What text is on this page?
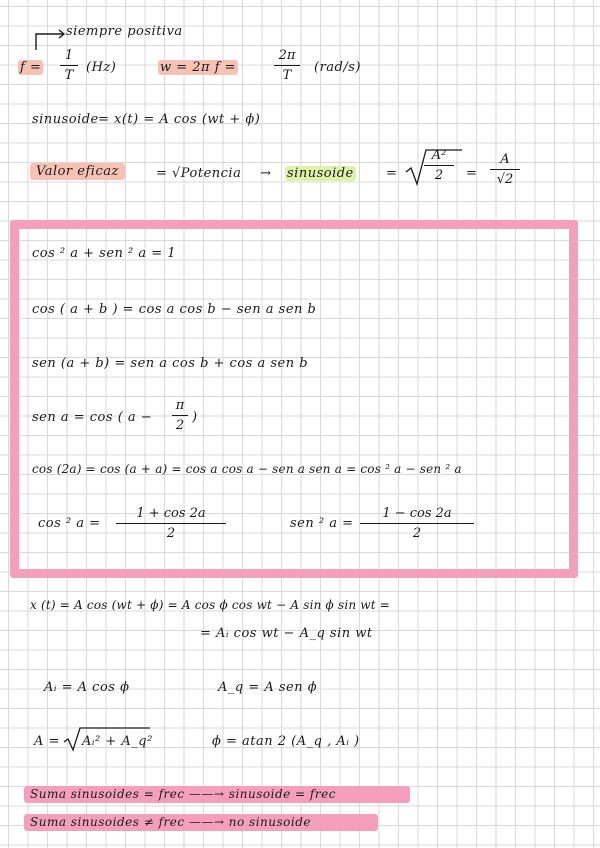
siempre positiva
f =
1
T
(Hz)	w = 2π f =
2π
T
(rad/s)
sinusoide = x(t) = A cos (wt + ϕ)
Valor eficaz	= √Potencia → sinusoide =
A²
2	=
A
√2
cos ² a + sen ² a = 1
cos ( a + b ) = cos a cos b − sen a sen b
sen (a + b) = sen a cos b + cos a sen b
sen a = cos ( a −
π
2
)
cos (2a) = cos (a + a) = cos a cos a − sen a sen a = cos ² a − sen ² a
cos ² a =
1 + cos 2a
2
sen ² a =
1 − cos 2a
2
x (t) = A cos (wt + ϕ) = A cos ϕ cos wt − A sin ϕ sin wt =
= Aᵢ cos wt − A_q sin wt
Aᵢ = A cos ϕ	A_q = A sen ϕ
A = Aᵢ² + A_q²	ϕ = atan 2 (A_q , Aᵢ )
Suma sinusoides = frec ——→ sinusoide = frec
Suma sinusoides ≠ frec ——→ no sinusoide
